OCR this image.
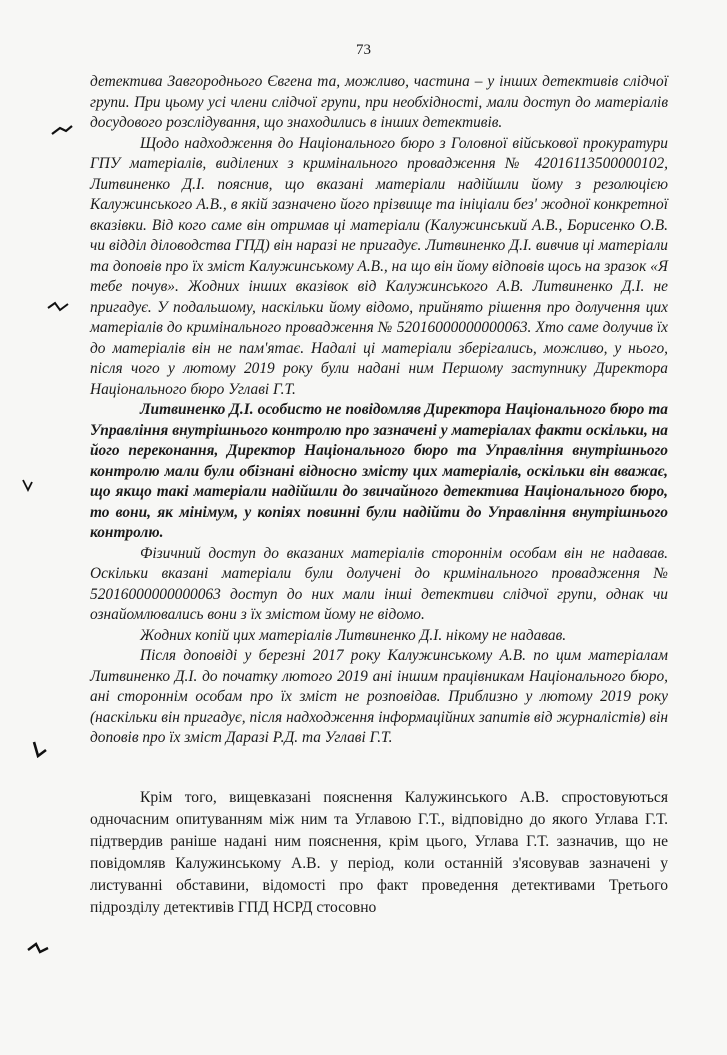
73

детектива Завгороднього Євгена та, можливо, частина – у інших детективів слідчої групи. При цьому усі члени слідчої групи, при необхідності, мали доступ до матеріалів досудового розслідування, що знаходились в інших детективів.

Щодо надходження до Національного бюро з Головної військової прокуратури ГПУ матеріалів, виділених з кримінального провадження № 42016113500000102, Литвиненко Д.І. пояснив, що вказані матеріали надійшли йому з резолюцією Калужинського А.В., в якій зазначено його прізвище та ініціали без' жодної конкретної вказівки. Від кого саме він отримав ці матеріали (Калужинський А.В., Борисенко О.В. чи відділ діловодства ГПД) він наразі не пригадує. Литвиненко Д.І. вивчив ці матеріали та доповів про їх зміст Калужинському А.В., на що він йому відповів щось на зразок «Я тебе почув». Жодних інших вказівок від Калужинського А.В. Литвиненко Д.І. не пригадує. У подальшому, наскільки йому відомо, прийнято рішення про долучення цих матеріалів до кримінального провадження № 52016000000000063. Хто саме долучив їх до матеріалів він не пам'ятає. Надалі ці матеріали зберігались, можливо, у нього, після чого у лютому 2019 року були надані ним Першому заступнику Директора Національного бюро Углаві Г.Т.

Литвиненко Д.І. особисто не повідомляв Директора Національного бюро та Управління внутрішнього контролю про зазначені у матеріалах факти оскільки, на його переконання, Директор Національного бюро та Управління внутрішнього контролю мали були обізнані відносно змісту цих матеріалів, оскільки він вважає, що якщо такі матеріали надійшли до звичайного детектива Національного бюро, то вони, як мінімум, у копіях повинні були надійти до Управління внутрішнього контролю.

Фізичний доступ до вказаних матеріалів стороннім особам він не надавав. Оскільки вказані матеріали були долучені до кримінального провадження № 52016000000000063 доступ до них мали інші детективи слідчої групи, однак чи ознайомлювались вони з їх змістом йому не відомо.

Жодних копій цих матеріалів Литвиненко Д.І. нікому не надавав.

Після доповіді у березні 2017 року Калужинському А.В. по цим матеріалам Литвиненко Д.І. до початку лютого 2019 ані іншим працівникам Національного бюро, ані стороннім особам про їх зміст не розповідав. Приблизно у лютому 2019 року (наскільки він пригадує, після надходження інформаційних запитів від журналістів) він доповів про їх зміст Даразі Р.Д. та Углаві Г.Т.

Крім того, вищевказані пояснення Калужинського А.В. спростовуються одночасним опитуванням між ним та Углавою Г.Т., відповідно до якого Углава Г.Т. підтвердив раніше надані ним пояснення, крім цього, Углава Г.Т. зазначив, що не повідомляв Калужинському А.В. у період, коли останній з'ясовував зазначені у листуванні обставини, відомості про факт проведення детективами Третього підрозділу детективів ГПД НСРД стосовно
